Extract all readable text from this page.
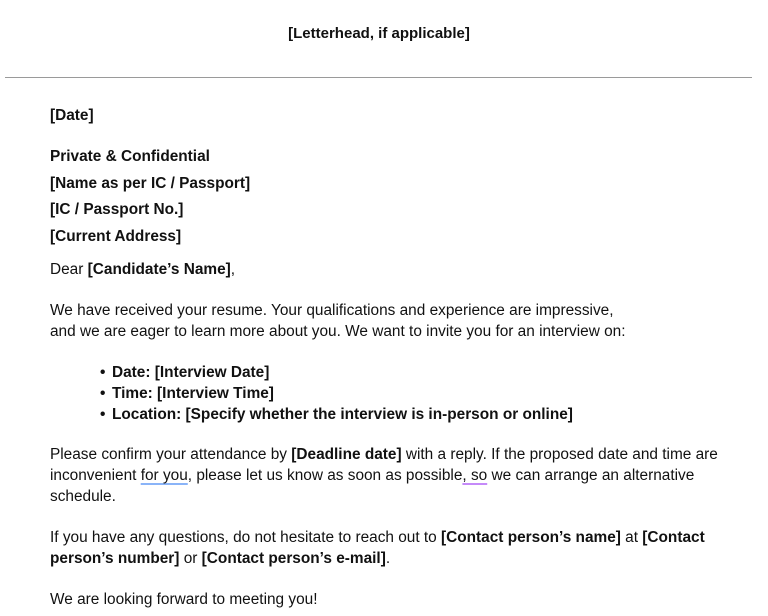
[Letterhead, if applicable]
[Date]
Private & Confidential
[Name as per IC / Passport]
[IC / Passport No.]
[Current Address]
Dear [Candidate’s Name],
We have received your resume. Your qualifications and experience are impressive,
and we are eager to learn more about you. We want to invite you for an interview on:
• Date: [Interview Date]
• Time: [Interview Time]
• Location: [Specify whether the interview is in-person or online]
Please confirm your attendance by [Deadline date] with a reply. If the proposed date and time are inconvenient for you, please let us know as soon as possible, so we can arrange an alternative schedule.
If you have any questions, do not hesitate to reach out to [Contact person’s name] at [Contact person’s number] or [Contact person’s e-mail].
We are looking forward to meeting you!
